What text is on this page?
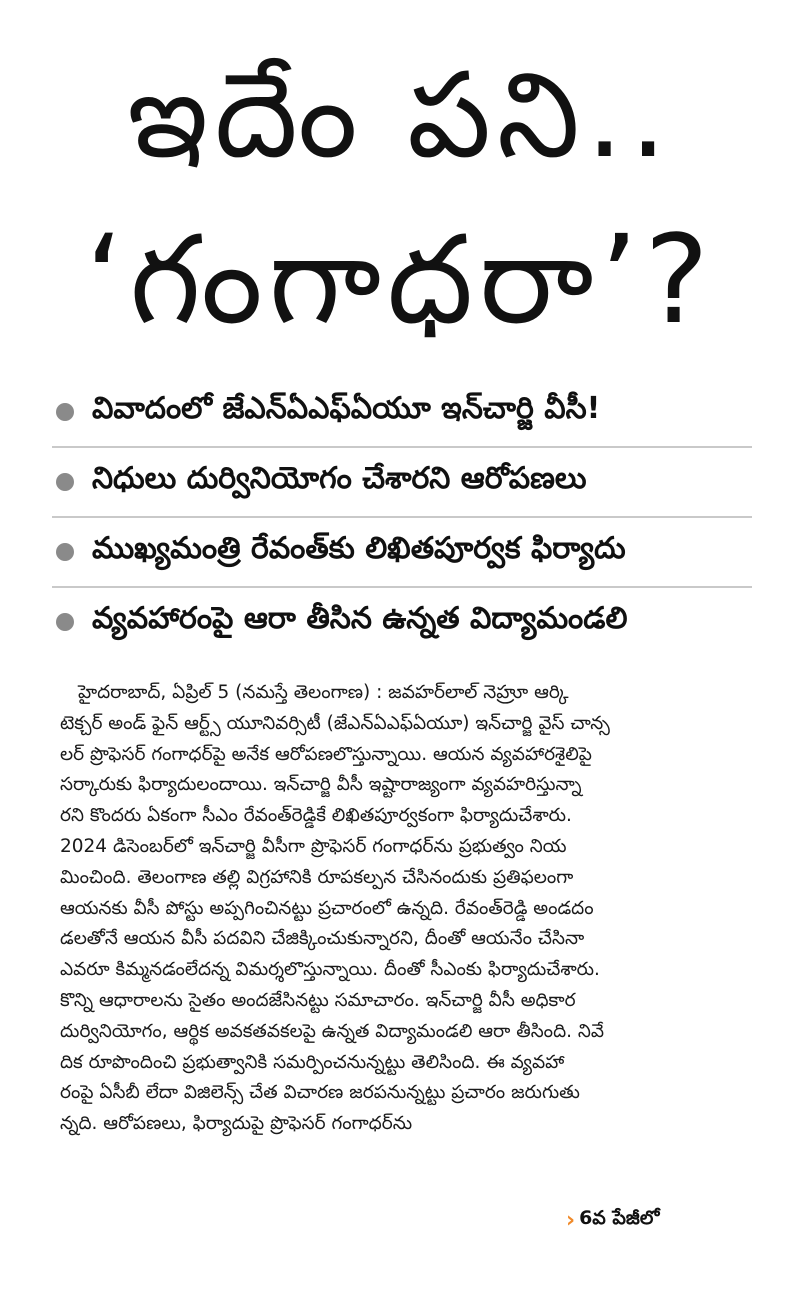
ఇదేం పని..
‘గంగాధరా’?
వివాదంలో జేఎన్ఏఎఫ్ఏయూ ఇన్‌చార్జి వీసీ!
నిధులు దుర్వినియోగం చేశారని ఆరోపణలు
ముఖ్యమంత్రి రేవంత్‌కు లిఖితపూర్వక ఫిర్యాదు
వ్యవహారంపై ఆరా తీసిన ఉన్నత విద్యామండలి
హైదరాబాద్, ఏప్రిల్ 5 (నమస్తే తెలంగాణ) : జవహర్‌లాల్ నెహ్రూ ఆర్కి
టెక్చర్ అండ్ ఫైన్ ఆర్ట్స్ యూనివర్సిటీ (జేఎన్ఏఎఫ్ఏయూ) ఇన్‌చార్జి వైస్ చాన్స
లర్ ప్రొఫెసర్ గంగాధర్‌పై అనేక ఆరోపణలొస్తున్నాయి. ఆయన వ్యవహారశైలిపై
సర్కారుకు ఫిర్యాదులందాయి. ఇన్‌చార్జి వీసీ ఇష్టారాజ్యంగా వ్యవహరిస్తున్నా
రని కొందరు ఏకంగా సీఎం రేవంత్‌రెడ్డికే లిఖితపూర్వకంగా ఫిర్యాదుచేశారు.
2024 డిసెంబర్‌లో ఇన్‌చార్జి వీసీగా ప్రొఫెసర్ గంగాధర్‌ను ప్రభుత్వం నియ
మించింది. తెలంగాణ తల్లి విగ్రహానికి రూపకల్పన చేసినందుకు ప్రతిఫలంగా
ఆయనకు వీసీ పోస్టు అప్పగించినట్టు ప్రచారంలో ఉన్నది. రేవంత్‌రెడ్డి అండదం
డలతోనే ఆయన వీసీ పదవిని చేజిక్కించుకున్నారని, దీంతో ఆయనేం చేసినా
ఎవరూ కిమ్మనడంలేదన్న విమర్శలొస్తున్నాయి. దీంతో సీఎంకు ఫిర్యాదుచేశారు.
కొన్ని ఆధారాలను సైతం అందజేసినట్టు సమాచారం. ఇన్‌చార్జి వీసీ అధికార
దుర్వినియోగం, ఆర్థిక అవకతవకలపై ఉన్నత విద్యామండలి ఆరా తీసింది. నివే
దిక రూపొందించి ప్రభుత్వానికి సమర్పించనున్నట్టు తెలిసింది. ఈ వ్యవహా
రంపై ఏసీబీ లేదా విజిలెన్స్ చేత విచారణ జరపనున్నట్టు ప్రచారం జరుగుతు
న్నది. ఆరోపణలు, ఫిర్యాదుపై ప్రొఫెసర్ గంగాధర్‌ను
› 6వ పేజీలో
